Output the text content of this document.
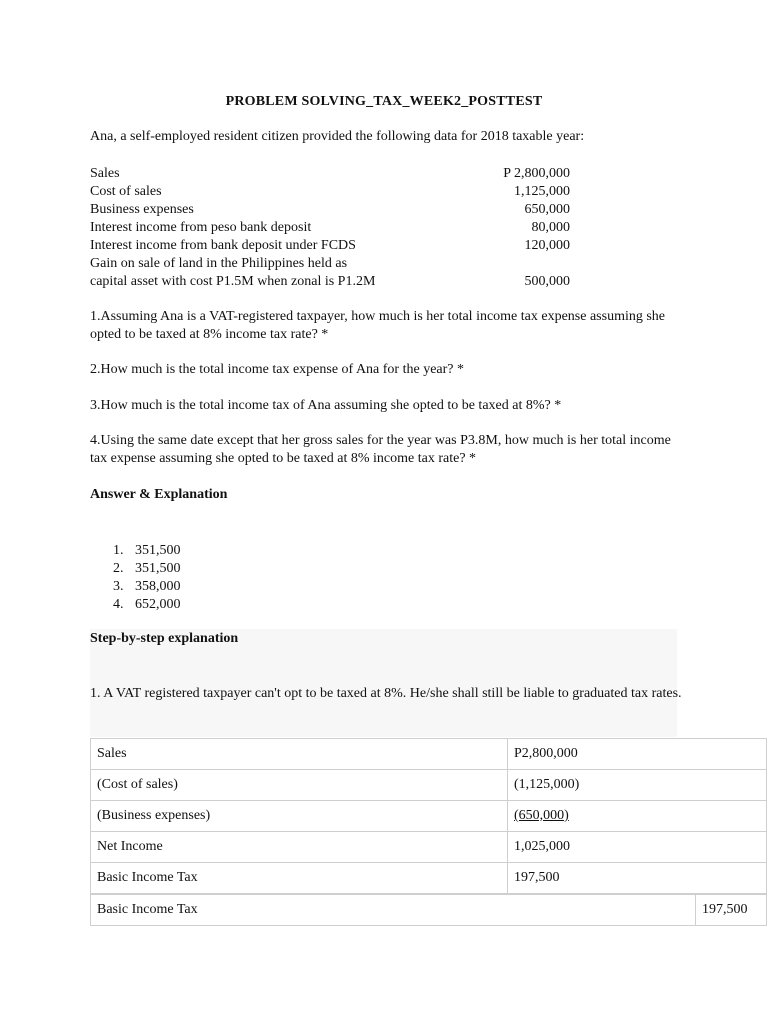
PROBLEM SOLVING_TAX_WEEK2_POSTTEST
Ana, a self-employed resident citizen provided the following data for 2018 taxable year:
Sales	P 2,800,000
Cost of sales	1,125,000
Business expenses	650,000
Interest income from peso bank deposit	80,000
Interest income from bank deposit under FCDS	120,000
Gain on sale of land in the Philippines held as
capital asset with cost P1.5M when zonal is P1.2M	500,000
1.Assuming Ana is a VAT-registered taxpayer, how much is her total income tax expense assuming she opted to be taxed at 8% income tax rate? *
2.How much is the total income tax expense of Ana for the year? *
3.How much is the total income tax of Ana assuming she opted to be taxed at 8%? *
4.Using the same date except that her gross sales for the year was P3.8M, how much is her total income tax expense assuming she opted to be taxed at 8% income tax rate? *
Answer & Explanation
1. 351,500
2. 351,500
3. 358,000
4. 652,000
Step-by-step explanation
1. A VAT registered taxpayer can't opt to be taxed at 8%. He/she shall still be liable to graduated tax rates.
Sales	P2,800,000
(Cost of sales)	(1,125,000)
(Business expenses)	(650,000)
Net Income	1,025,000
Basic Income Tax	197,500
Basic Income Tax	197,500
